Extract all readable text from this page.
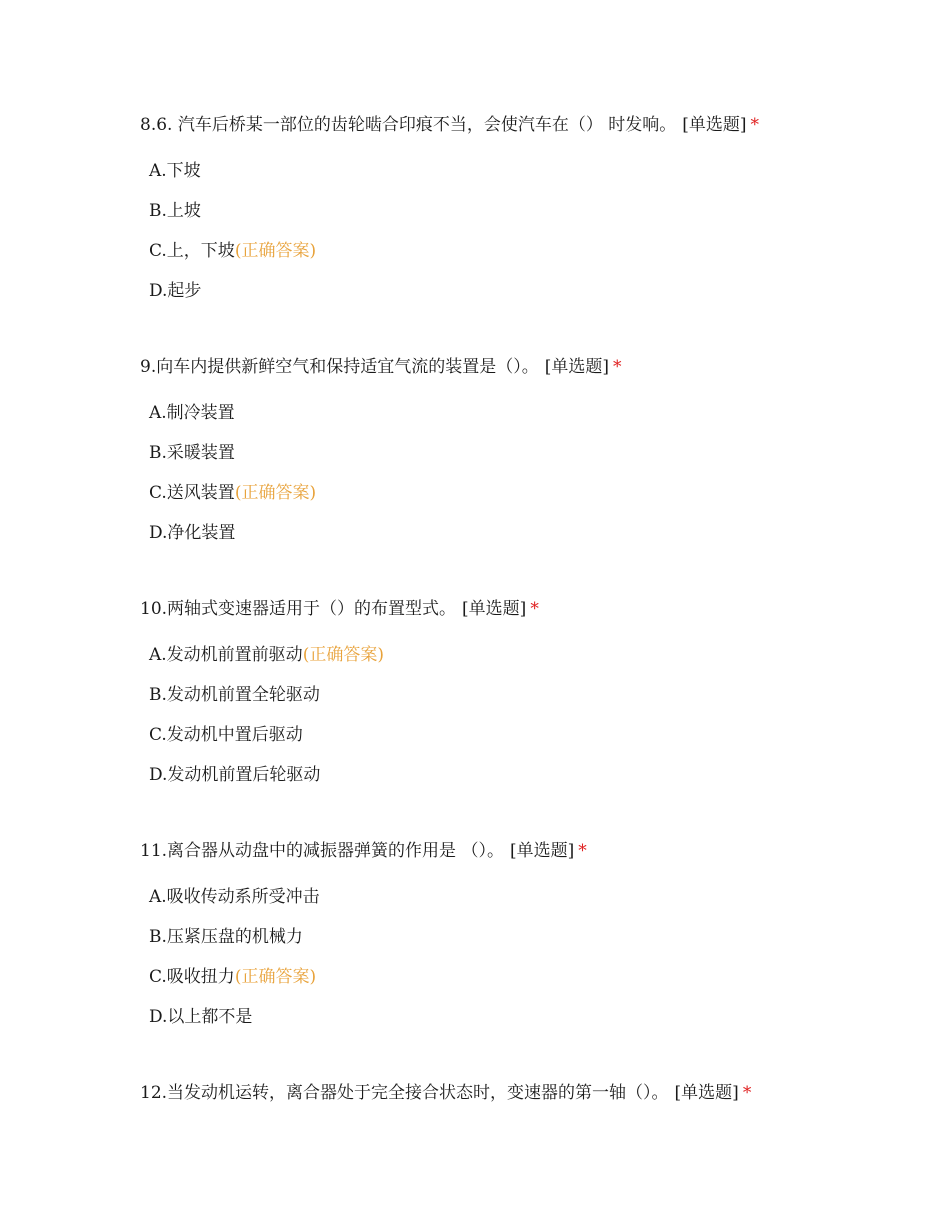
8.6. 汽车后桥某一部位的齿轮啮合印痕不当，会使汽车在（） 时发响。 [单选题] *

A.下坡
B.上坡
C.上，下坡(正确答案)
D.起步

9.向车内提供新鲜空气和保持适宜气流的装置是（）。 [单选题] *

A.制冷装置
B.采暖装置
C.送风装置(正确答案)
D.净化装置

10.两轴式变速器适用于（）的布置型式。 [单选题] *

A.发动机前置前驱动(正确答案)
B.发动机前置全轮驱动
C.发动机中置后驱动
D.发动机前置后轮驱动

11.离合器从动盘中的减振器弹簧的作用是 （）。 [单选题] *

A.吸收传动系所受冲击
B.压紧压盘的机械力
C.吸收扭力(正确答案)
D.以上都不是

12.当发动机运转，离合器处于完全接合状态时，变速器的第一轴（）。 [单选题] *
